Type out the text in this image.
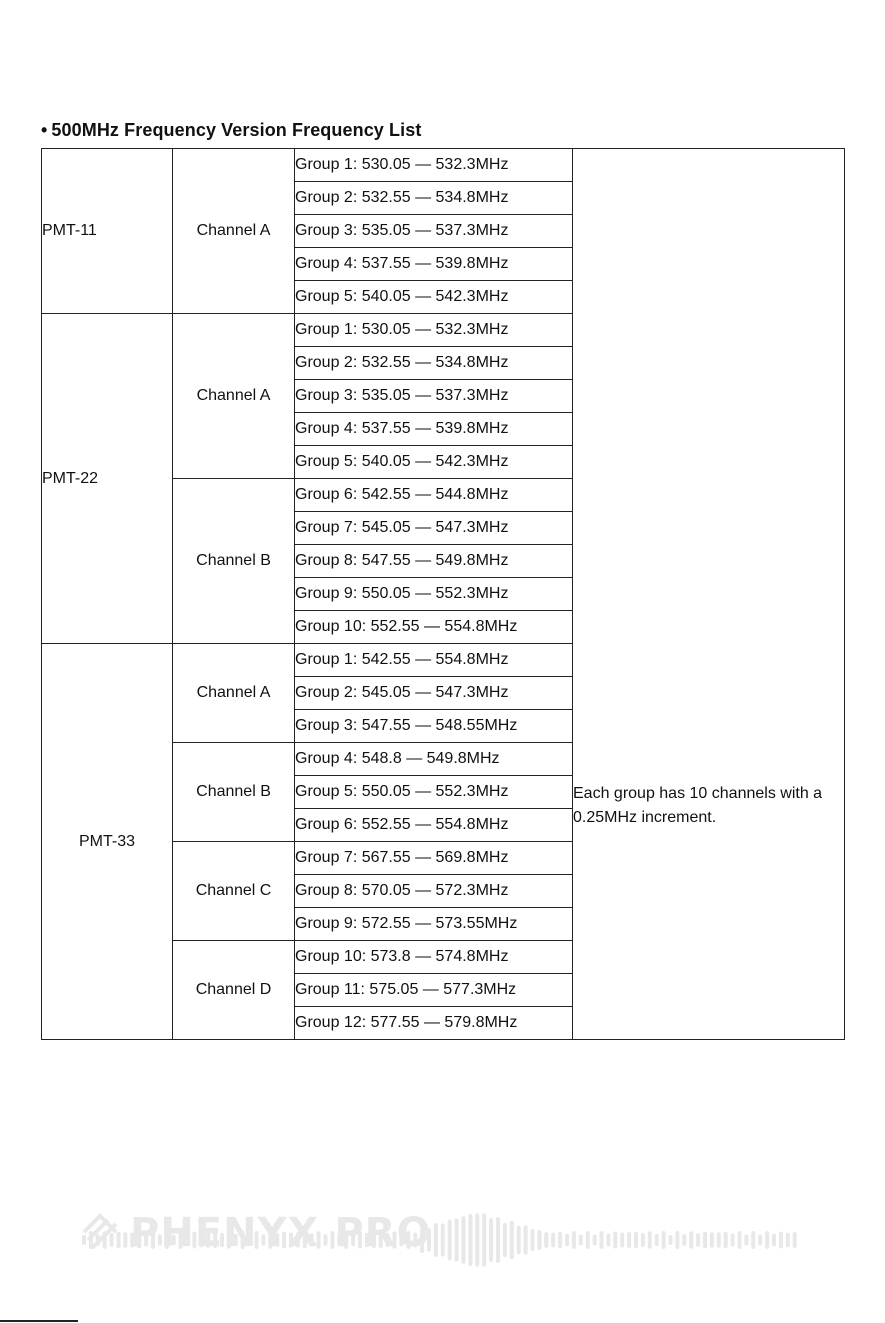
• 500MHz Frequency Version Frequency List
PMT-11	Channel A	Group 1: 530.05 — 532.3MHz	Each group has 10 channels with a 0.25MHz increment.

		Group 2: 532.55 — 534.8MHz	
		Group 3: 535.05 — 537.3MHz	
		Group 4: 537.55 — 539.8MHz	
		Group 5: 540.05 — 542.3MHz	
PMT-22	Channel A	Group 1: 530.05 — 532.3MHz	
		Group 2: 532.55 — 534.8MHz	
		Group 3: 535.05 — 537.3MHz	
		Group 4: 537.55 — 539.8MHz	
		Group 5: 540.05 — 542.3MHz	
	Channel B	Group 6: 542.55 — 544.8MHz	
		Group 7: 545.05 — 547.3MHz	
		Group 8: 547.55 — 549.8MHz	
		Group 9: 550.05 — 552.3MHz	
		Group 10: 552.55 — 554.8MHz	
PMT-33	Channel A	Group 1: 542.55 — 554.8MHz	
		Group 2: 545.05 — 547.3MHz	
		Group 3: 547.55 — 548.55MHz	
	Channel B	Group 4: 548.8 — 549.8MHz	
		Group 5: 550.05 — 552.3MHz	
		Group 6: 552.55 — 554.8MHz	
	Channel C	Group 7: 567.55 — 569.8MHz	
		Group 8: 570.05 — 572.3MHz	
		Group 9: 572.55 — 573.55MHz	
	Channel D	Group 10: 573.8 — 574.8MHz	
		Group 11: 575.05 — 577.3MHz	
		Group 12: 577.55 — 579.8MHz	
PHENYX PRO
